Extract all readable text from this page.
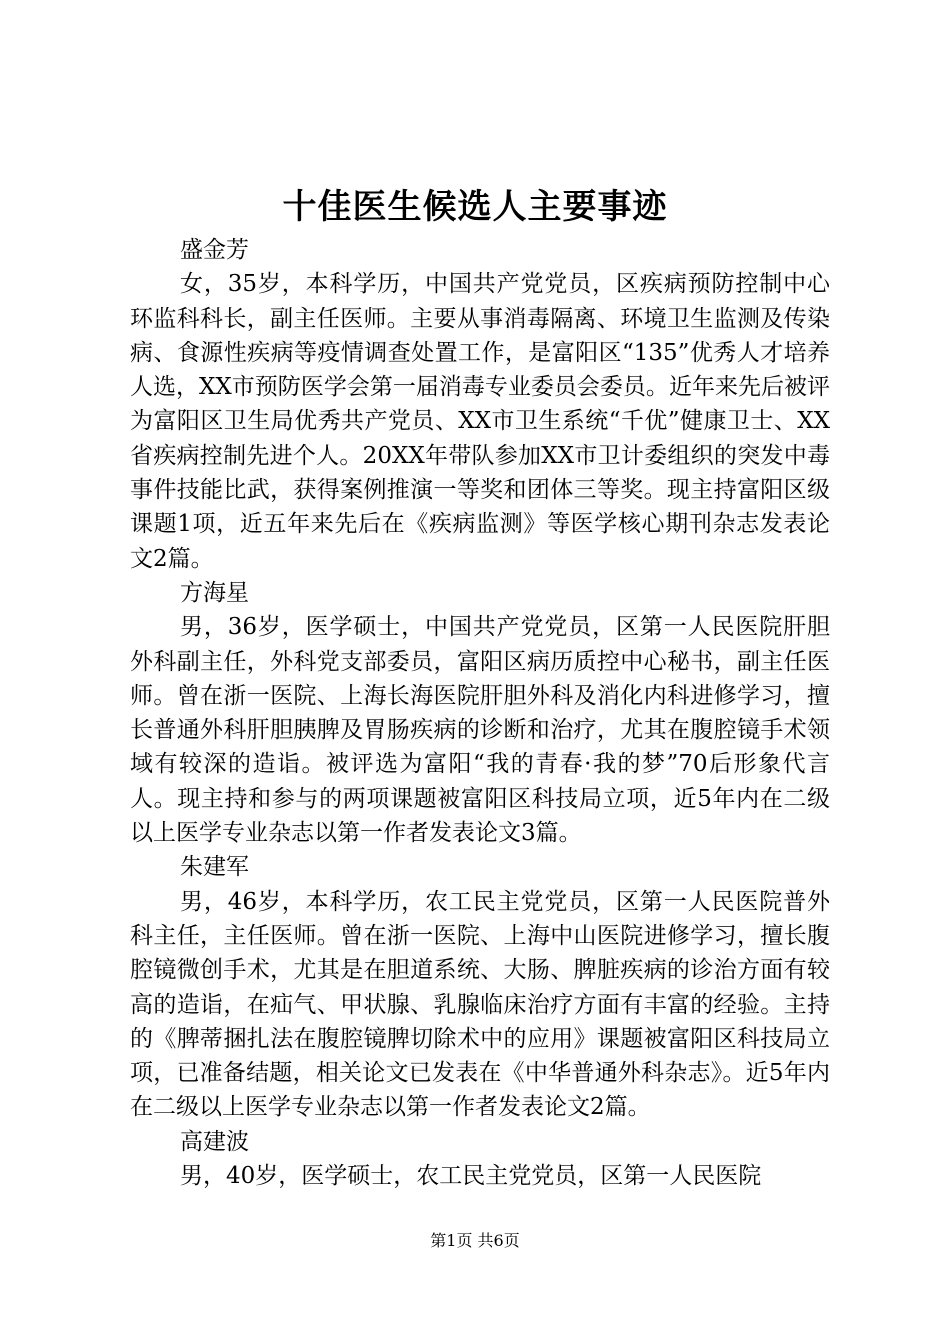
十佳医生候选人主要事迹

盛金芳

女，35岁，本科学历，中国共产党党员，区疾病预防控制中心环监科科长，副主任医师。主要从事消毒隔离、环境卫生监测及传染病、食源性疾病等疫情调查处置工作，是富阳区“135”优秀人才培养人选，XX市预防医学会第一届消毒专业委员会委员。近年来先后被评为富阳区卫生局优秀共产党员、XX市卫生系统“千优”健康卫士、XX省疾病控制先进个人。20XX年带队参加XX市卫计委组织的突发中毒事件技能比武，获得案例推演一等奖和团体三等奖。现主持富阳区级课题1项，近五年来先后在《疾病监测》等医学核心期刊杂志发表论文2篇。

方海星

男，36岁，医学硕士，中国共产党党员，区第一人民医院肝胆外科副主任，外科党支部委员，富阳区病历质控中心秘书，副主任医师。曾在浙一医院、上海长海医院肝胆外科及消化内科进修学习，擅长普通外科肝胆胰脾及胃肠疾病的诊断和治疗，尤其在腹腔镜手术领域有较深的造诣。被评选为富阳“我的青春·我的梦”70后形象代言人。现主持和参与的两项课题被富阳区科技局立项，近5年内在二级以上医学专业杂志以第一作者发表论文3篇。

朱建军

男，46岁，本科学历，农工民主党党员，区第一人民医院普外科主任，主任医师。曾在浙一医院、上海中山医院进修学习，擅长腹腔镜微创手术，尤其是在胆道系统、大肠、脾脏疾病的诊治方面有较高的造诣，在疝气、甲状腺、乳腺临床治疗方面有丰富的经验。主持的《脾蒂捆扎法在腹腔镜脾切除术中的应用》课题被富阳区科技局立项，已准备结题，相关论文已发表在《中华普通外科杂志》。近5年内在二级以上医学专业杂志以第一作者发表论文2篇。

高建波

男，40岁，医学硕士，农工民主党党员，区第一人民医院

第1页 共6页
